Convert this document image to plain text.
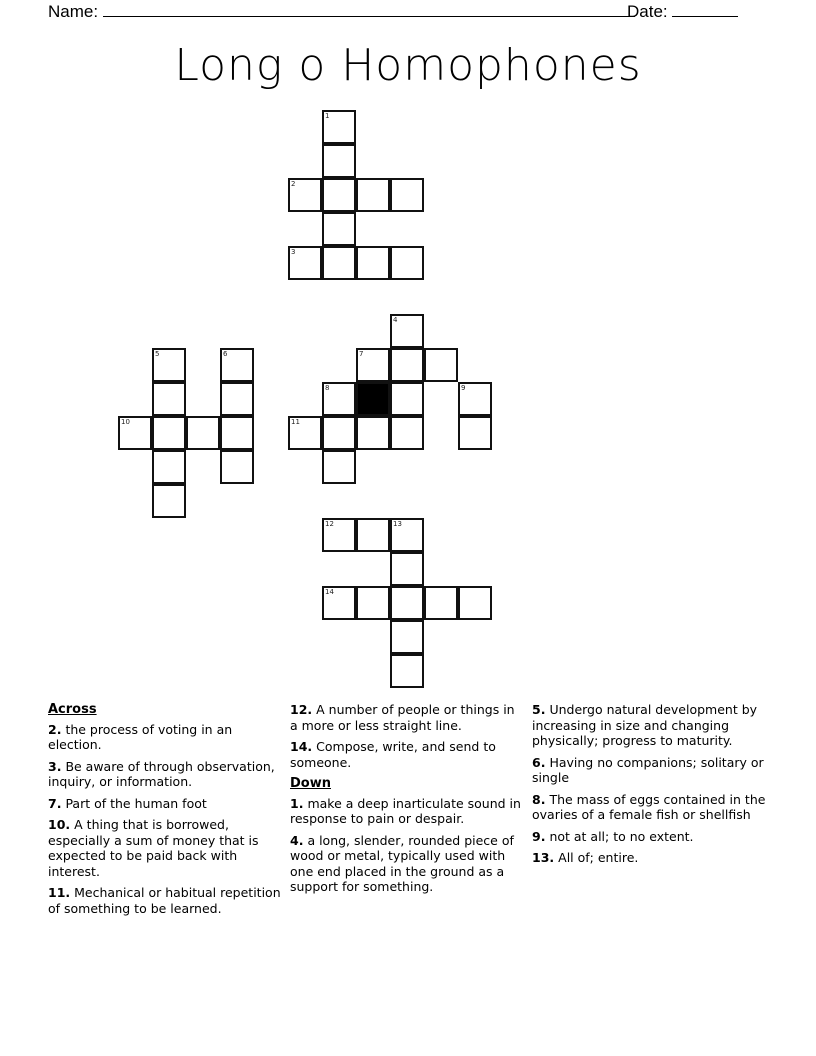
Name:	Date:
Long o Homophones
1
2
3
4
5	6	7
8	9
10	11
12	13
14
Across
2. the process of voting in an election.
3. Be aware of through observation, inquiry, or information.
7. Part of the human foot
10. A thing that is borrowed, especially a sum of money that is expected to be paid back with interest.
11. Mechanical or habitual repetition of something to be learned.
12. A number of people or things in a more or less straight line.
14. Compose, write, and send to someone.
Down
1. make a deep inarticulate sound in response to pain or despair.
4. a long, slender, rounded piece of wood or metal, typically used with one end placed in the ground as a support for something.
5. Undergo natural development by increasing in size and changing physically; progress to maturity.
6. Having no companions; solitary or single
8. The mass of eggs contained in the ovaries of a female fish or shellfish
9. not at all; to no extent.
13. All of; entire.
